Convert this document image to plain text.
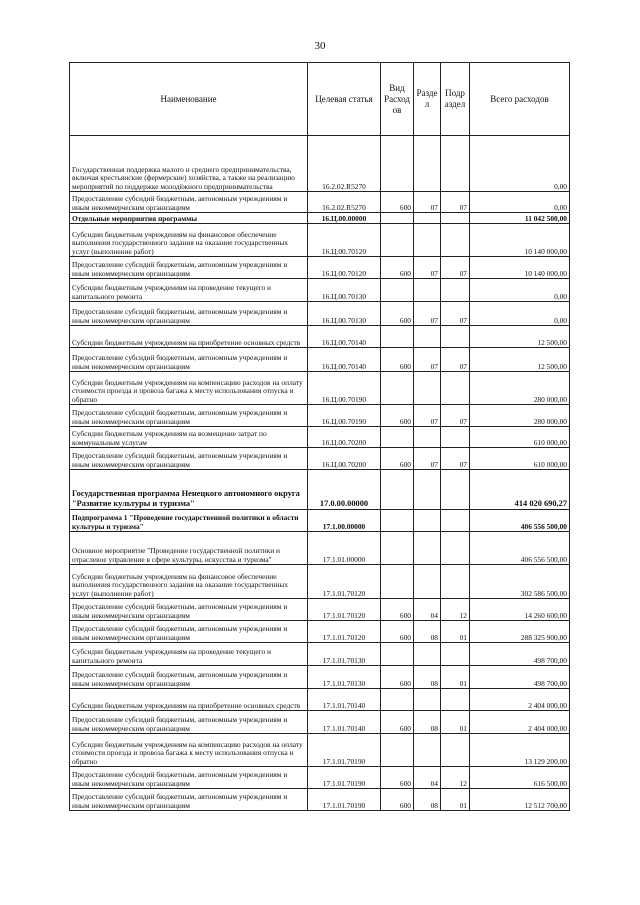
30
Наименование	Целевая статья	Вид Расход ов	Разде л	Подр аздел	Всего расходов
Государственная поддержка малого и среднего предпринимательства, включая крестьянские (фермерские) хозяйства, а также на реализацию мероприятий по поддержке молодёжного предпринимательства	16.2.02.R5270				0,00
Предоставление субсидий бюджетным, автономным учреждениям и иным некоммерческим организациям	16.2.02.R5270	600	07	07	0,00
Отдельные мероприятия программы	16.Ц.00.00000				11 042 500,00
Субсидии бюджетным учреждениям на финансовое обеспечение выполнения государственного задания на оказание государственных услуг (выполнение работ)	16.Ц.00.70120				10 140 000,00
Предоставление субсидий бюджетным, автономным учреждениям и иным некоммерческим организациям	16.Ц.00.70120	600	07	07	10 140 000,00
Субсидии бюджетным учреждениям на проведение текущего и капитального ремонта	16.Ц.00.70130				0,00
Предоставление субсидий бюджетным, автономным учреждениям и иным некоммерческим организациям	16.Ц.00.70130	600	07	07	0,00
Субсидии бюджетным учреждениям на приобретение основных средств	16.Ц.00.70140				12 500,00
Предоставление субсидий бюджетным, автономным учреждениям и иным некоммерческим организациям	16.Ц.00.70140	600	07	07	12 500,00
Субсидии бюджетным учреждениям на компенсацию расходов на оплату стоимости проезда и провоза багажа к месту использования отпуска и обратно	16.Ц.00.70190				280 000,00
Предоставление субсидий бюджетным, автономным учреждениям и иным некоммерческим организациям	16.Ц.00.70190	600	07	07	280 000,00
Субсидии бюджетным учреждениям на возмещение затрат по коммунальным услугам	16.Ц.00.70200				610 000,00
Предоставление субсидий бюджетным, автономным учреждениям и иным некоммерческим организациям	16.Ц.00.70200	600	07	07	610 000,00
Государственная программа Ненецкого автономного округа "Развитие культуры и туризма"	17.0.00.00000				414 020 690,27
Подпрограмма 1 "Проведение государственной политики в области культуры и туризма"	17.1.00.00000				406 556 500,00
Основное мероприятие "Проведение государственной политики и отраслевое управление в сфере культуры, искусства и туризма"	17.1.01.00000				406 556 500,00
Субсидии бюджетным учреждениям на финансовое обеспечение выполнения государственного задания на оказание государственных услуг (выполнение работ)	17.1.01.70120				302 586 500,00
Предоставление субсидий бюджетным, автономным учреждениям и иным некоммерческим организациям	17.1.01.70120	600	04	12	14 260 600,00
Предоставление субсидий бюджетным, автономным учреждениям и иным некоммерческим организациям	17.1.01.70120	600	08	01	288 325 900,00
Субсидии бюджетным учреждениям на проведение текущего и капитального ремонта	17.1.01.70130				498 700,00
Предоставление субсидий бюджетным, автономным учреждениям и иным некоммерческим организациям	17.1.01.70130	600	08	01	498 700,00
Субсидии бюджетным учреждениям на приобретение основных средств	17.1.01.70140				2 404 000,00
Предоставление субсидий бюджетным, автономным учреждениям и иным некоммерческим организациям	17.1.01.70140	600	08	01	2 404 000,00
Субсидии бюджетным учреждениям на компенсацию расходов на оплату стоимости проезда и провоза багажа к месту использования отпуска и обратно	17.1.01.70190				13 129 200,00
Предоставление субсидий бюджетным, автономным учреждениям и иным некоммерческим организациям	17.1.01.70190	600	04	12	616 500,00
Предоставление субсидий бюджетным, автономным учреждениям и иным некоммерческим организациям	17.1.01.70190	600	08	01	12 512 700,00
